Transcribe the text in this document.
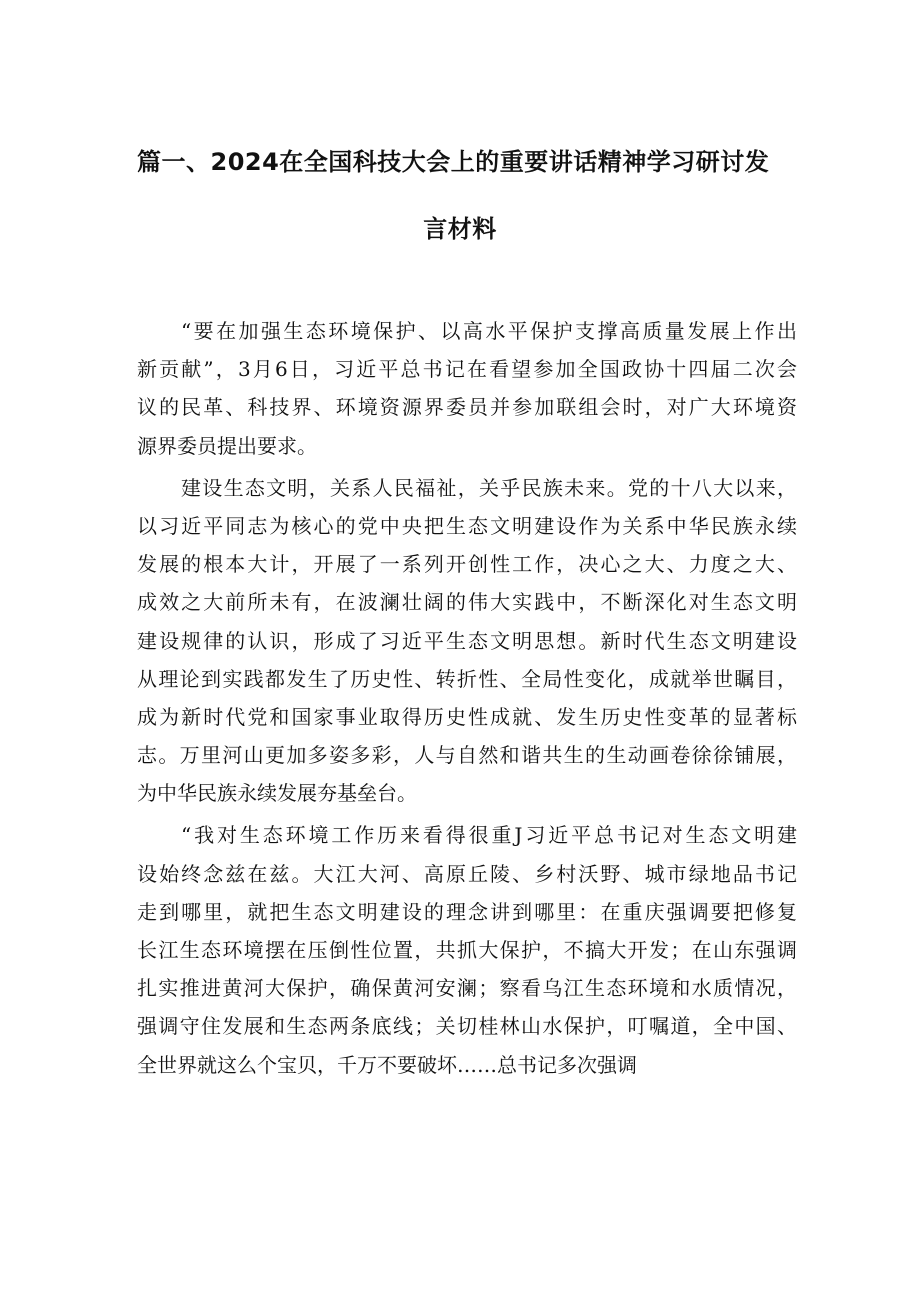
篇一、2024在全国科技大会上的重要讲话精神学习研讨发
言材料
“要在加强生态环境保护、以高水平保护支撑高质量发展上作出
新贡献”，3月6日，习近平总书记在看望参加全国政协十四届二次会
议的民革、科技界、环境资源界委员并参加联组会时，对广大环境资
源界委员提出要求。
建设生态文明，关系人民福祉，关乎民族未来。党的十八大以来，
以习近平同志为核心的党中央把生态文明建设作为关系中华民族永续
发展的根本大计，开展了一系列开创性工作，决心之大、力度之大、
成效之大前所未有，在波澜壮阔的伟大实践中，不断深化对生态文明
建设规律的认识，形成了习近平生态文明思想。新时代生态文明建设
从理论到实践都发生了历史性、转折性、全局性变化，成就举世瞩目，
成为新时代党和国家事业取得历史性成就、发生历史性变革的显著标
志。万里河山更加多姿多彩，人与自然和谐共生的生动画卷徐徐铺展，
为中华民族永续发展夯基垒台。
“我对生态环境工作历来看得很重J习近平总书记对生态文明建
设始终念兹在兹。大江大河、高原丘陵、乡村沃野、城市绿地品书记
走到哪里，就把生态文明建设的理念讲到哪里：在重庆强调要把修复
长江生态环境摆在压倒性位置，共抓大保护，不搞大开发；在山东强调
扎实推进黄河大保护，确保黄河安澜；察看乌江生态环境和水质情况，
强调守住发展和生态两条底线；关切桂林山水保护，叮嘱道，全中国、
全世界就这么个宝贝，千万不要破坏……总书记多次强调
